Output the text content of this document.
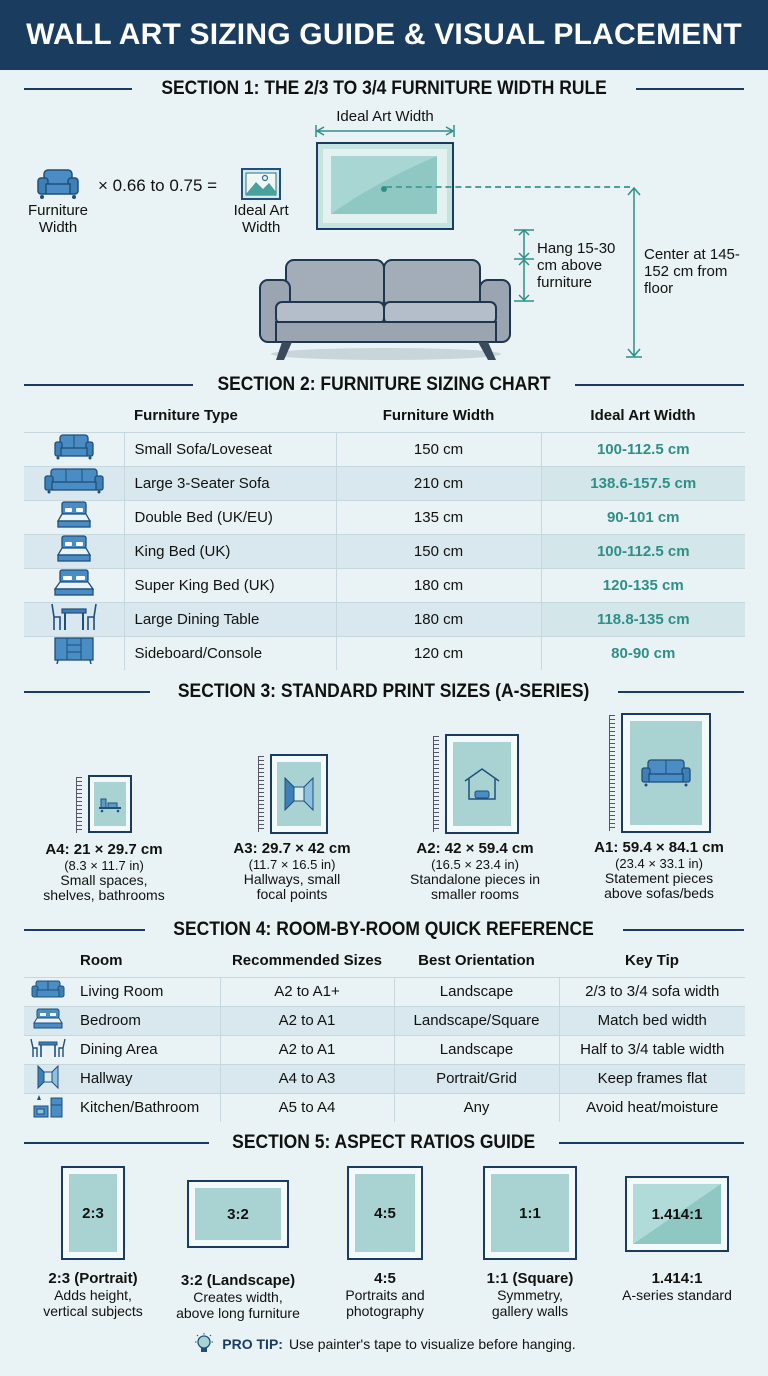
WALL ART SIZING GUIDE & VISUAL PLACEMENT
SECTION 1: THE 2/3 TO 3/4 FURNITURE WIDTH RULE
Furniture Width
× 0.66 to 0.75 =
Ideal Art Width
Ideal Art Width
Hang 15-30 cm above furniture
Center at 145-152 cm from floor
SECTION 2: FURNITURE SIZING CHART
	Furniture Type	Furniture Width	Ideal Art Width
	Small Sofa/Loveseat	150 cm	100-112.5 cm
	Large 3-Seater Sofa	210 cm	138.6-157.5 cm
	Double Bed (UK/EU)	135 cm	90-101 cm
	King Bed (UK)	150 cm	100-112.5 cm
	Super King Bed (UK)	180 cm	120-135 cm
	Large Dining Table	180 cm	118.8-135 cm
	Sideboard/Console	120 cm	80-90 cm
SECTION 3: STANDARD PRINT SIZES (A-SERIES)
A4: 21 × 29.7 cm
(8.3 × 11.7 in)
Small spaces,
shelves, bathrooms
A3: 29.7 × 42 cm
(11.7 × 16.5 in)
Hallways, small
focal points
A2: 42 × 59.4 cm
(16.5 × 23.4 in)
Standalone pieces in
smaller rooms
A1: 59.4 × 84.1 cm
(23.4 × 33.1 in)
Statement pieces
above sofas/beds
SECTION 4: ROOM-BY-ROOM QUICK REFERENCE
	Room	Recommended Sizes	Best Orientation	Key Tip
	Living Room	A2 to A1+	Landscape	2/3 to 3/4 sofa width
	Bedroom	A2 to A1	Landscape/Square	Match bed width
	Dining Area	A2 to A1	Landscape	Half to 3/4 table width
	Hallway	A4 to A3	Portrait/Grid	Keep frames flat
	Kitchen/Bathroom	A5 to A4	Any	Avoid heat/moisture
SECTION 5: ASPECT RATIOS GUIDE
2:3
2:3 (Portrait)
Adds height,
vertical subjects
3:2
3:2 (Landscape)
Creates width,
above long furniture
4:5
4:5
Portraits and
photography
1:1
1:1 (Square)
Symmetry,
gallery walls
1.414:1
1.414:1
A-series standard
PRO TIP: Use painter's tape to visualize before hanging.
